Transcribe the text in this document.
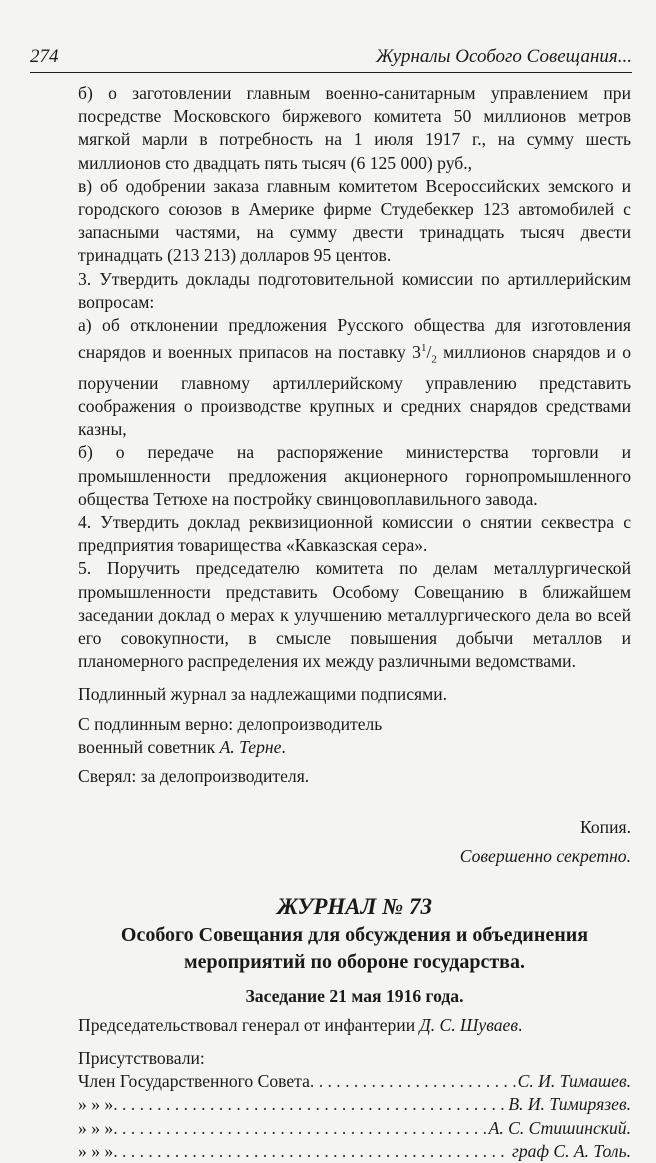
274	Журналы Особого Совещания...

б) о заготовлении главным военно-санитарным управлением при посредстве Московского биржевого комитета 50 миллионов метров мягкой марли в потребность на 1 июля 1917 г., на сумму шесть миллионов сто двадцать пять тысяч (6 125 000) руб.,

в) об одобрении заказа главным комитетом Всероссийских земского и городского союзов в Америке фирме Студебеккер 123 автомобилей с запасными частями, на сумму двести тринадцать тысяч двести тринадцать (213 213) долларов 95 центов.

3. Утвердить доклады подготовительной комиссии по артиллерийским вопросам:

а) об отклонении предложения Русского общества для изготовления снарядов и военных припасов на поставку $3^1/_2$ миллионов снарядов и о поручении главному артиллерийскому управлению представить соображения о производстве крупных и средних снарядов средствами казны,

б) о передаче на распоряжение министерства торговли и промышленности предложения акционерного горнопромышленного общества Тетюхе на постройку свинцовоплавильного завода.

4. Утвердить доклад реквизиционной комиссии о снятии секвестра с предприятия товарищества «Кавказская сера».

5. Поручить председателю комитета по делам металлургической промышленности представить Особому Совещанию в ближайшем заседании доклад о мерах к улучшению металлургического дела во всей его совокупности, в смысле повышения добычи металлов и планомерного распределения их между различными ведомствами.

Подлинный журнал за надлежащими подписями.

С подлинным верно: делопроизводитель

военный советник А. Терне.

Сверял: за делопроизводителя.

Копия.

Совершенно секретно.

ЖУРНАЛ № 73
Особого Совещания для обсуждения и объединения
мероприятий по обороне государства.
Заседание 21 мая 1916 года.

Председательствовал генерал от инфантерии Д. С. Шуваев.

Присутствовали:

Член Государственного Совета . . .	С. И. Тимашев.
» » » . . .	В. И. Тимирязев.
» » » . . .	А. С. Стишинский.
» » » . . .	граф С. А. Толь.
